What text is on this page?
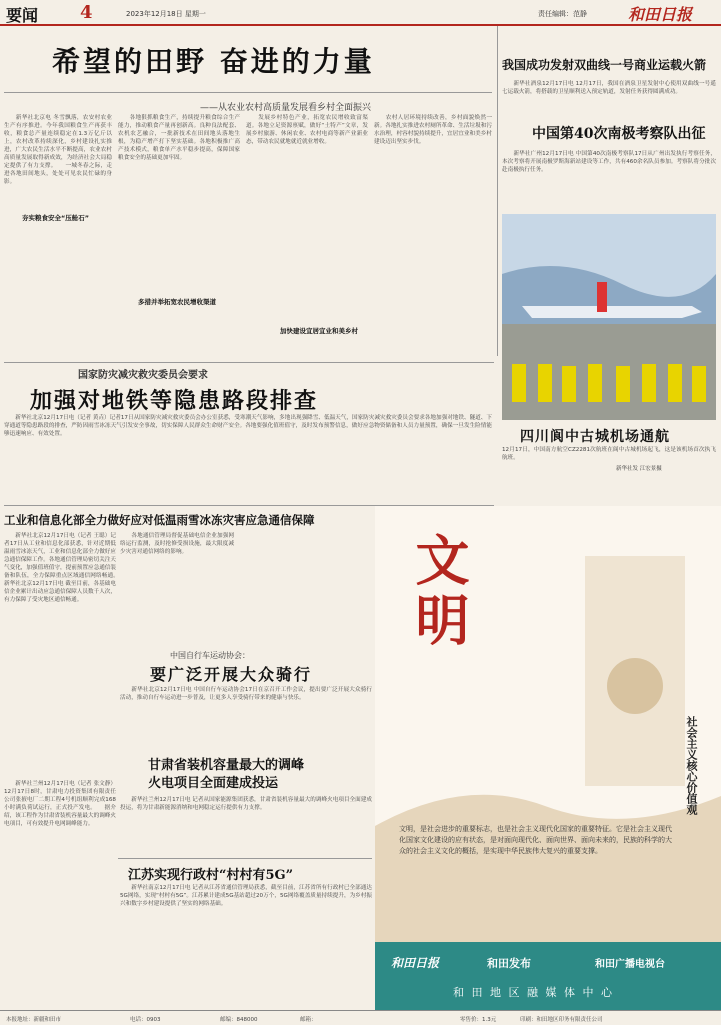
要闻 4	2023年12月18日 星期一	责任编辑：范静	和田日报
希望的田野 奋进的力量
——从农业农村高质量发展看乡村全面振兴
　　新华社北京电 冬雪飘落，农安村农业生产有序推进。今年我国粮食生产再获丰收，粮食总产量连续稳定在1.3万亿斤以上，农村改革持续深化，乡村建设扎实推进，广大农民生活水平不断提高，农业农村高质量发展取得新成效，为经济社会大局稳定提供了有力支撑。　　一城冬春之际，走进各地田间地头，处处可见农民忙碌的身影。
夯实粮食安全“压舱石”
　　各地狠抓粮食生产，持续提升粮食综合生产能力，推动粮食产量再创新高。良种良法配套、农机农艺融合，一批新技术在田间地头落地生根，为稳产增产打下坚实基础。各地积极推广高产技术模式，粮食单产水平稳步提高，保障国家粮食安全的基础更加牢固。
多措并举拓宽农民增收渠道
　　发展乡村特色产业，拓宽农民增收致富渠道。各地立足资源禀赋，做好“土特产”文章，发展乡村旅游、休闲农业、农村电商等新产业新业态，带动农民就地就近就业增收。
加快建设宜居宜业和美乡村
　　农村人居环境持续改善，乡村面貌焕然一新。各地扎实推进农村厕所革命、生活垃圾和污水治理，村容村貌持续提升，宜居宜业和美乡村建设迈出坚实步伐。
我国成功发射双曲线一号商业运载火箭
　　新华社酒泉12月17日电 12月17日，我国在酒泉卫星发射中心使用双曲线一号遥七运载火箭，将搭载的卫星顺利送入预定轨道，发射任务获得圆满成功。
中国第40次南极考察队出征
　　新华社广州12月17日电 中国第40次南极考察队17日从广州出发执行考察任务，本次考察将开展南极罗斯海新站建设等工作，共有460余名队员参加。考察队将分批次赴南极执行任务。
四川阆中古城机场通航
12月17日，中国南方航空CZ2281次航班在阆中古城机场起飞，这是该机场首次执飞航班。
新华社发 江宏景摄
国家防灾减灾救灾委员会要求
加强对地铁等隐患路段排查
　　新华社北京12月17日电（记者 黄垚）记者17日从国家防灾减灾救灾委员会办公室获悉，受寒潮天气影响，多地出现强降雪、低温天气，国家防灾减灾救灾委员会要求各地加强对地铁、隧道、下穿通道等隐患路段的排查，严防因雨雪冰冻天气引发安全事故，切实保障人民群众生命财产安全。各地要强化值班值守，及时发布预警信息，做好应急物资储备和人员力量预置，确保一旦发生险情能够迅速响应、有效处置。
工业和信息化部全力做好应对低温雨雪冰冻灾害应急通信保障
　　新华社北京12月17日电（记者 王聪）记者17日从工业和信息化部获悉，针对近期低温雨雪冰冻天气，工业和信息化部全力做好应急通信保障工作。各地通信管理局密切关注天气变化，加强值班值守，提前预置应急通信装备和队伍，全力保障重点区域通信网络畅通。　　新华社北京12月17日电 截至目前，各基础电信企业累计出动应急通信保障人员数千人次，有力保障了受灾地区通信畅通。
　　各地通信管理局督促基础电信企业加强网络运行监测，及时抢修受损设施，最大限度减少灾害对通信网络的影响。
中国自行车运动协会：
要广泛开展大众骑行
　　新华社北京12月17日电 中国自行车运动协会17日在京召开工作会议，提出要广泛开展大众骑行活动，推动自行车运动进一步普及，让更多人享受骑行带来的健康与快乐。
甘肃省装机容量最大的调峰
火电项目全面建成投运
　　新华社兰州12月17日电 记者从国家能源集团获悉，甘肃省装机容量最大的调峰火电项目全面建成投运，将为甘肃新能源消纳和电网稳定运行提供有力支撑。
　　新华社兰州12月17日电（记者 张文静）12月17日8时，甘肃电力投资集团有限责任公司张掖电厂二期工程4号机组顺利完成168小时满负荷试运行，正式投产发电。　　据介绍，该工程作为甘肃省装机容量最大的调峰火电项目，可有效提升电网调峰能力。
江苏实现行政村“村村有5G”
　　新华社南京12月17日电 记者从江苏省通信管理局获悉，截至目前，江苏省所有行政村已全部通达5G网络，实现“村村有5G”。江苏累计建成5G基站超过20万个，5G网络覆盖质量持续提升，为乡村振兴和数字乡村建设提供了坚实的网络基础。
文明
社会主义核心价值观
文明，是社会进步的重要标志，也是社会主义现代化国家的重要特征。它是社会主义现代化国家文化建设的应有状态，是对面向现代化、面向世界、面向未来的，民族的科学的大众的社会主义文化的概括，是实现中华民族伟大复兴的重要支撑。
和田日报	和田发布	和田广播电视台
和 田 地 区 融 媒 体 中 心
本报地址：新疆和田市	电话：0903	邮编：848000	邮箱：	印刷：和田地区印务有限责任公司
零售价：1.3元
